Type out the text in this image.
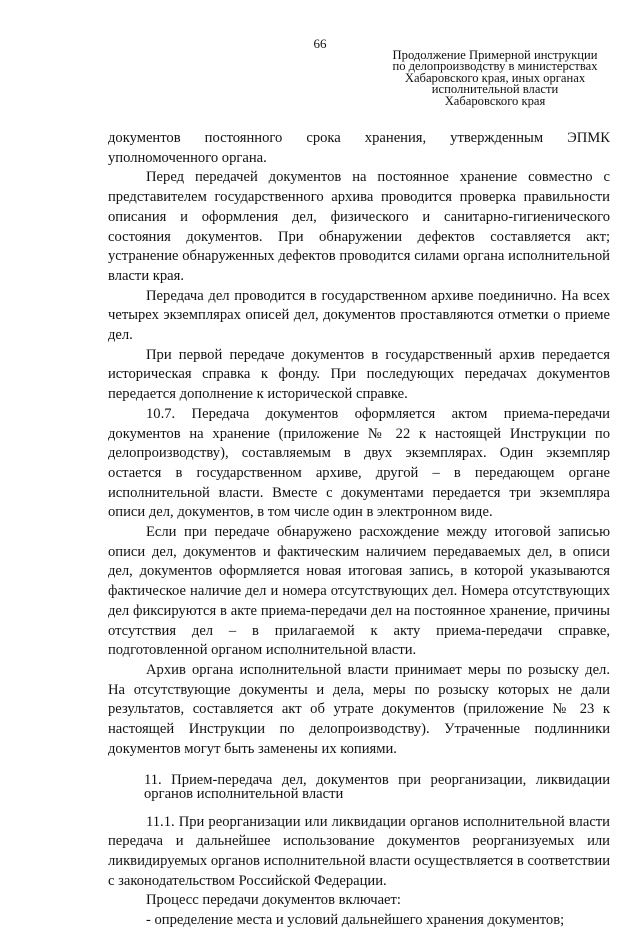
66
Продолжение Примерной инструкции
по делопроизводству в министерствах
Хабаровского края, иных органах
исполнительной власти
Хабаровского края

документов постоянного срока хранения, утвержденным ЭПМК уполномоченного органа.

Перед передачей документов на постоянное хранение совместно с представителем государственного архива проводится проверка правильности описания и оформления дел, физического и санитарно-гигиенического состояния документов. При обнаружении дефектов составляется акт; устранение обнаруженных дефектов проводится силами органа исполнительной власти края.

Передача дел проводится в государственном архиве поединично. На всех четырех экземплярах описей дел, документов проставляются отметки о приеме дел.

При первой передаче документов в государственный архив передается историческая справка к фонду. При последующих передачах документов передается дополнение к исторической справке.

10.7. Передача документов оформляется актом приема-передачи документов на хранение (приложение № 22 к настоящей Инструкции по делопроизводству), составляемым в двух экземплярах. Один экземпляр остается в государственном архиве, другой – в передающем органе исполнительной власти. Вместе с документами передается три экземпляра описи дел, документов, в том числе один в электронном виде.

Если при передаче обнаружено расхождение между итоговой записью описи дел, документов и фактическим наличием передаваемых дел, в описи дел, документов оформляется новая итоговая запись, в которой указываются фактическое наличие дел и номера отсутствующих дел. Номера отсутствующих дел фиксируются в акте приема-передачи дел на постоянное хранение, причины отсутствия дел – в прилагаемой к акту приема-передачи справке, подготовленной органом исполнительной власти.

Архив органа исполнительной власти принимает меры по розыску дел. На отсутствующие документы и дела, меры по розыску которых не дали результатов, составляется акт об утрате документов (приложение № 23 к настоящей Инструкции по делопроизводству). Утраченные подлинники документов могут быть заменены их копиями.

11. Прием-передача дел, документов при реорганизации, ликвидации органов исполнительной власти

11.1. При реорганизации или ликвидации органов исполнительной власти передача и дальнейшее использование документов реорганизуемых или ликвидируемых органов исполнительной власти осуществляется в соответствии с законодательством Российской Федерации.

Процесс передачи документов включает:

- определение места и условий дальнейшего хранения документов;
